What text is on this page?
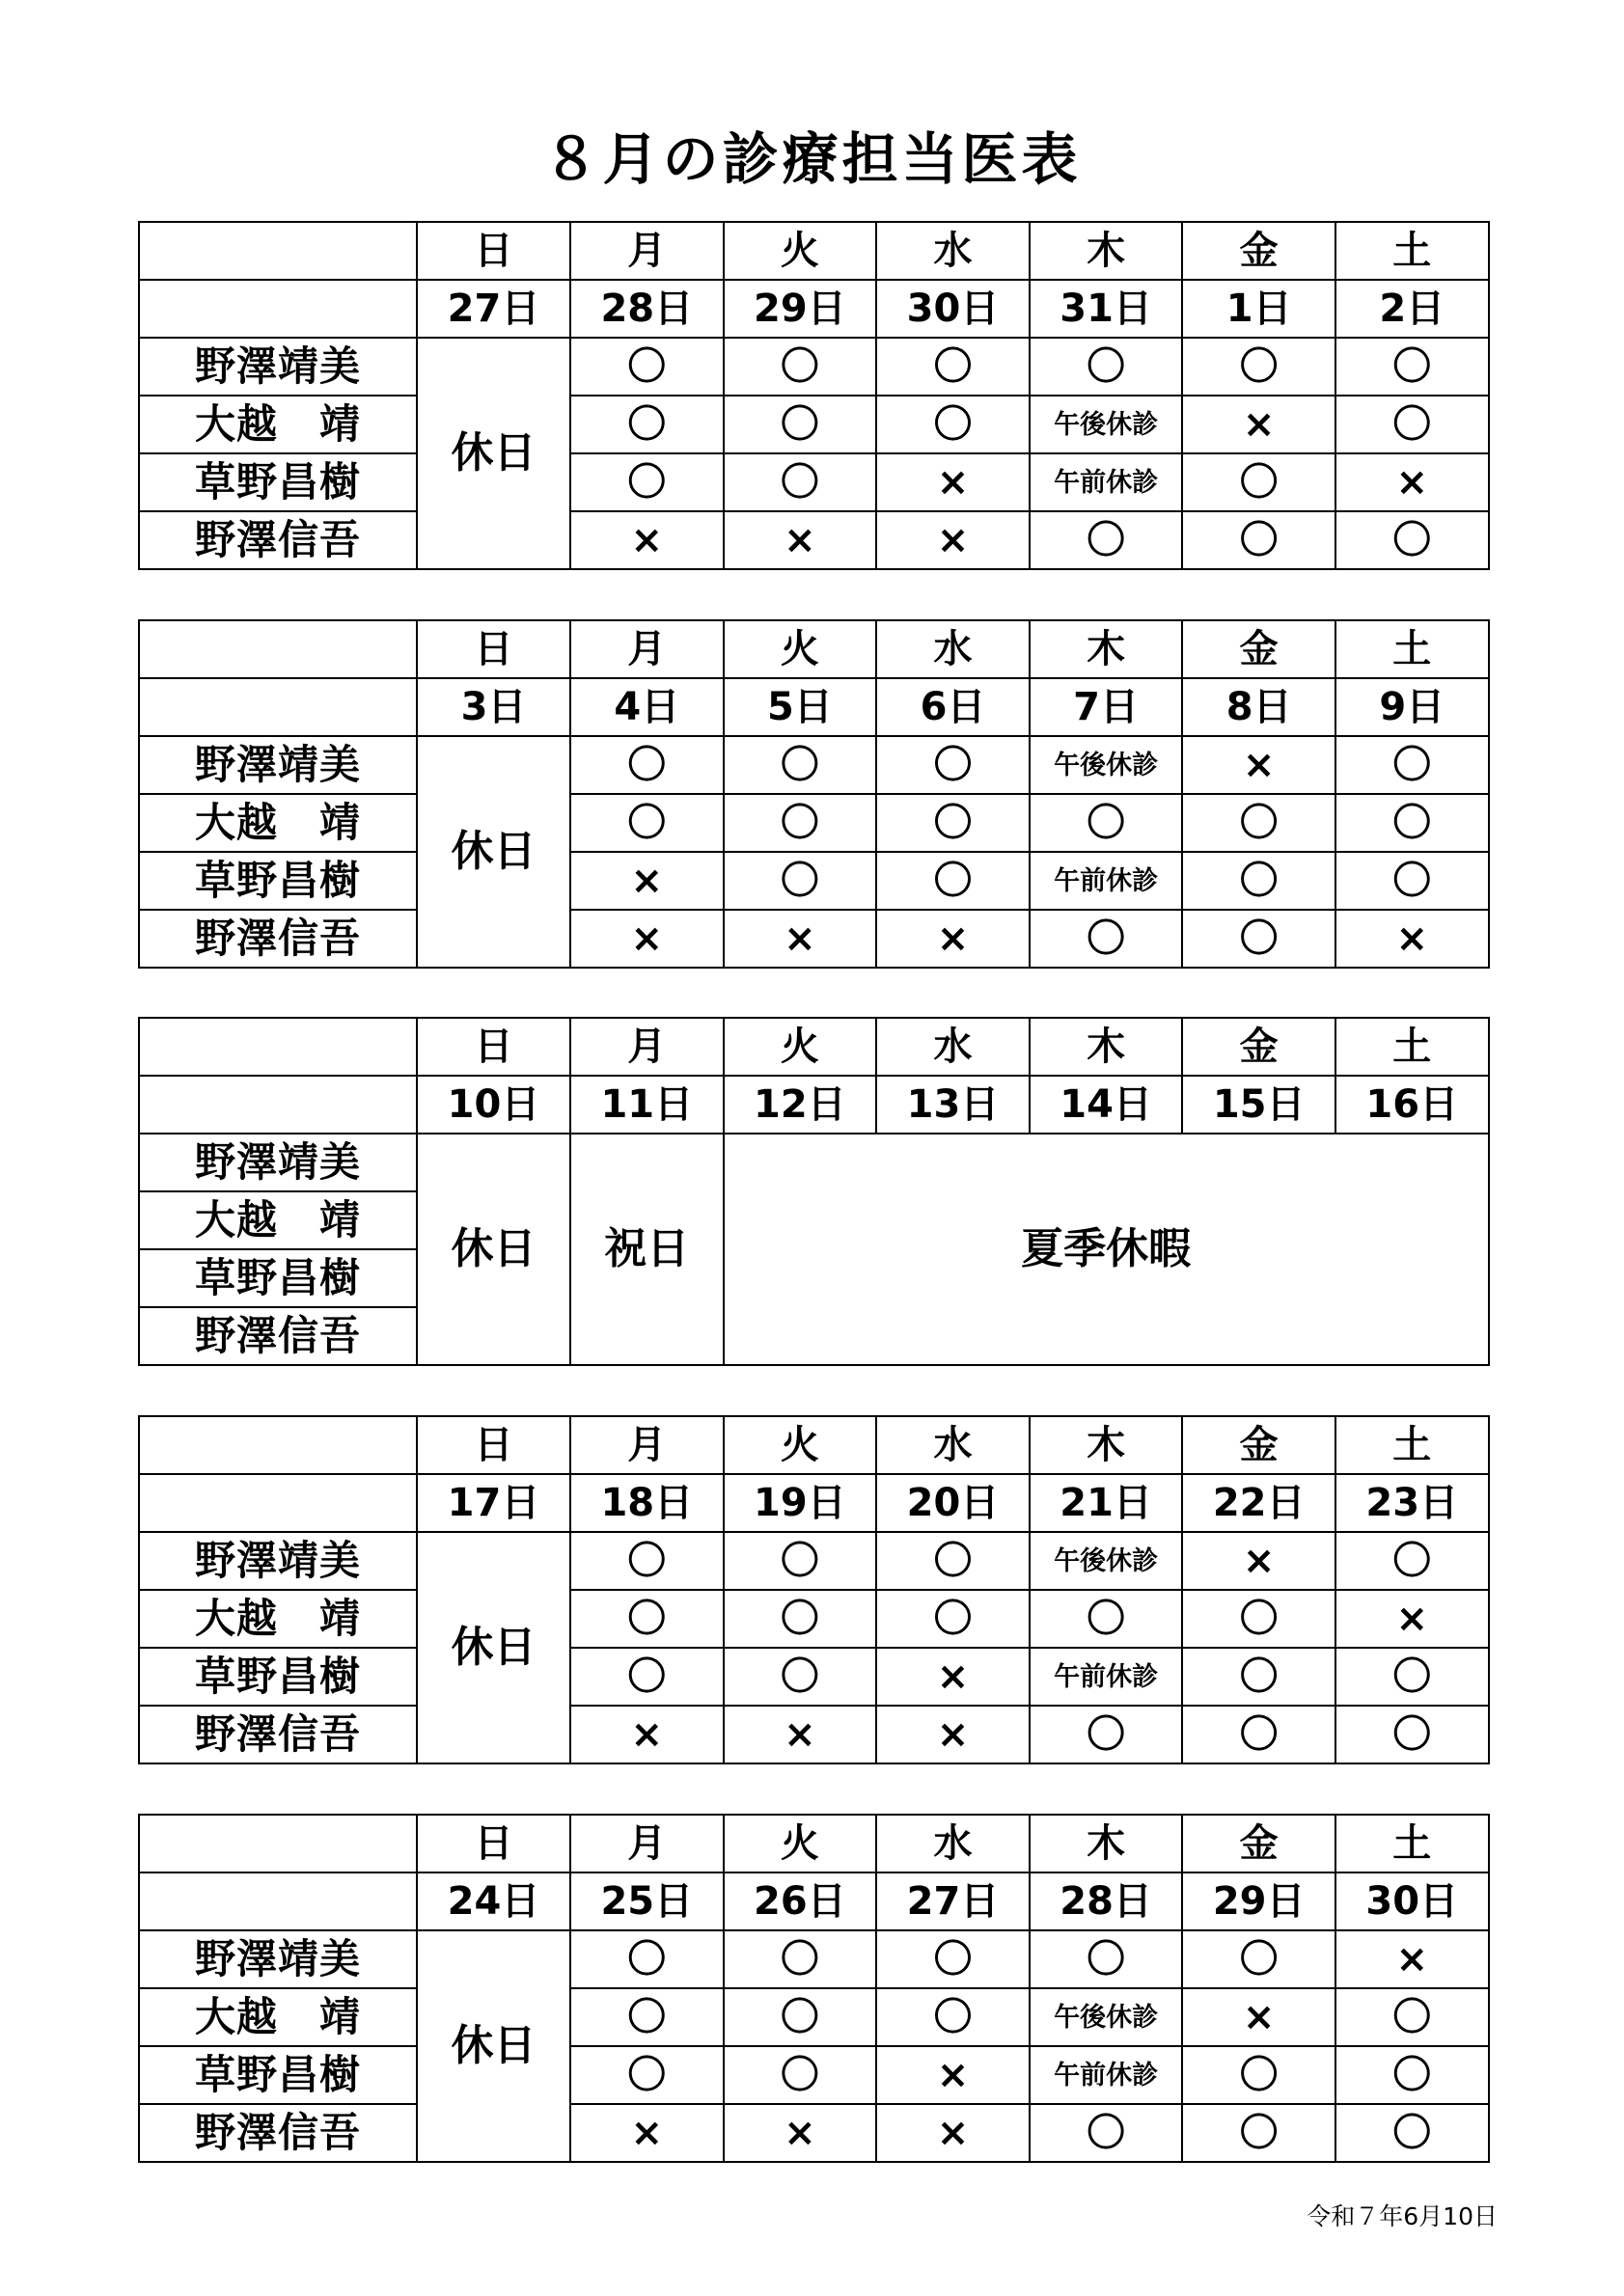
８月の診療担当医表
	日	月	火	水	木	金	土
	27日	28日	29日	30日	31日	1日	2日
野澤靖美	休日	〇	〇	〇	〇	〇	〇
大越　靖		〇	〇	〇	午後休診	×	〇
草野昌樹		〇	〇	×	午前休診	〇	×
野澤信吾		×	×	×	〇	〇	〇
	日	月	火	水	木	金	土
	3日	4日	5日	6日	7日	8日	9日
野澤靖美	休日	〇	〇	〇	午後休診	×	〇
大越　靖		〇	〇	〇	〇	〇	〇
草野昌樹		×	〇	〇	午前休診	〇	〇
野澤信吾		×	×	×	〇	〇	×
	日	月	火	水	木	金	土
	10日	11日	12日	13日	14日	15日	16日
野澤靖美	休日	祝日	夏季休暇				
大越　靖							
草野昌樹							
野澤信吾							
	日	月	火	水	木	金	土
	17日	18日	19日	20日	21日	22日	23日
野澤靖美	休日	〇	〇	〇	午後休診	×	〇
大越　靖		〇	〇	〇	〇	〇	×
草野昌樹		〇	〇	×	午前休診	〇	〇
野澤信吾		×	×	×	〇	〇	〇
	日	月	火	水	木	金	土
	24日	25日	26日	27日	28日	29日	30日
野澤靖美	休日	〇	〇	〇	〇	〇	×
大越　靖		〇	〇	〇	午後休診	×	〇
草野昌樹		〇	〇	×	午前休診	〇	〇
野澤信吾		×	×	×	〇	〇	〇
令和７年6月10日
